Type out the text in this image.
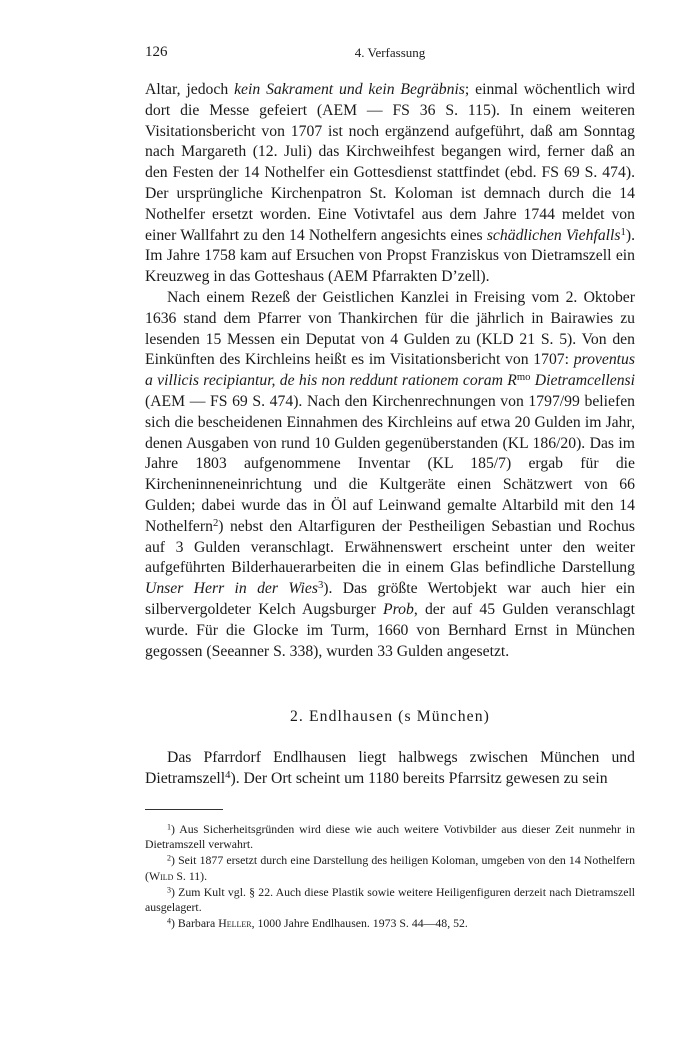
126	4. Verfassung

Altar, jedoch kein Sakrament und kein Begräbnis; einmal wöchentlich wird dort die Messe gefeiert (AEM — FS 36 S. 115). In einem weiteren Visitationsbericht von 1707 ist noch ergänzend aufgeführt, daß am Sonntag nach Margareth (12. Juli) das Kirchweihfest begangen wird, ferner daß an den Festen der 14 Nothelfer ein Gottesdienst stattfindet (ebd. FS 69 S. 474). Der ursprüngliche Kirchenpatron St. Koloman ist demnach durch die 14 Nothelfer ersetzt worden. Eine Votivtafel aus dem Jahre 1744 meldet von einer Wallfahrt zu den 14 Nothelfern angesichts eines schädlichen Viehfalls$^1$). Im Jahre 1758 kam auf Ersuchen von Propst Franziskus von Dietramszell ein Kreuzweg in das Gotteshaus (AEM Pfarrakten D’zell).

Nach einem Rezeß der Geistlichen Kanzlei in Freising vom 2. Oktober 1636 stand dem Pfarrer von Thankirchen für die jährlich in Bairawies zu lesenden 15 Messen ein Deputat von 4 Gulden zu (KLD 21 S. 5). Von den Einkünften des Kirchleins heißt es im Visitationsbericht von 1707: proventus a villicis recipiantur, de his non reddunt rationem coram $R^{mo}$ Dietramcellensi (AEM — FS 69 S. 474). Nach den Kirchenrechnungen von 1797/99 beliefen sich die bescheidenen Einnahmen des Kirchleins auf etwa 20 Gulden im Jahr, denen Ausgaben von rund 10 Gulden gegenüberstanden (KL 186/20). Das im Jahre 1803 aufgenommene Inventar (KL 185/7) ergab für die Kircheninneneinrichtung und die Kultgeräte einen Schätzwert von 66 Gulden; dabei wurde das in Öl auf Leinwand gemalte Altarbild mit den 14 Nothelfern$^2$) nebst den Altarfiguren der Pestheiligen Sebastian und Rochus auf 3 Gulden veranschlagt. Erwähnenswert erscheint unter den weiter aufgeführten Bilderhauerarbeiten die in einem Glas befindliche Darstellung Unser Herr in der Wies$^3$). Das größte Wertobjekt war auch hier ein silbervergoldeter Kelch Augsburger Prob, der auf 45 Gulden veranschlagt wurde. Für die Glocke im Turm, 1660 von Bernhard Ernst in München gegossen (Seeanner S. 338), wurden 33 Gulden angesetzt.

2. Endlhausen (s München)

Das Pfarrdorf Endlhausen liegt halbwegs zwischen München und Dietramszell$^4$). Der Ort scheint um 1180 bereits Pfarrsitz gewesen zu sein

$^1$) Aus Sicherheitsgründen wird diese wie auch weitere Votivbilder aus dieser Zeit nunmehr in Dietramszell verwahrt.

$^2$) Seit 1877 ersetzt durch eine Darstellung des heiligen Koloman, umgeben von den 14 Nothelfern (Wild S. 11).

$^3$) Zum Kult vgl. § 22. Auch diese Plastik sowie weitere Heiligenfiguren derzeit nach Dietramszell ausgelagert.

$^4$) Barbara Heller, 1000 Jahre Endlhausen. 1973 S. 44—48, 52.
